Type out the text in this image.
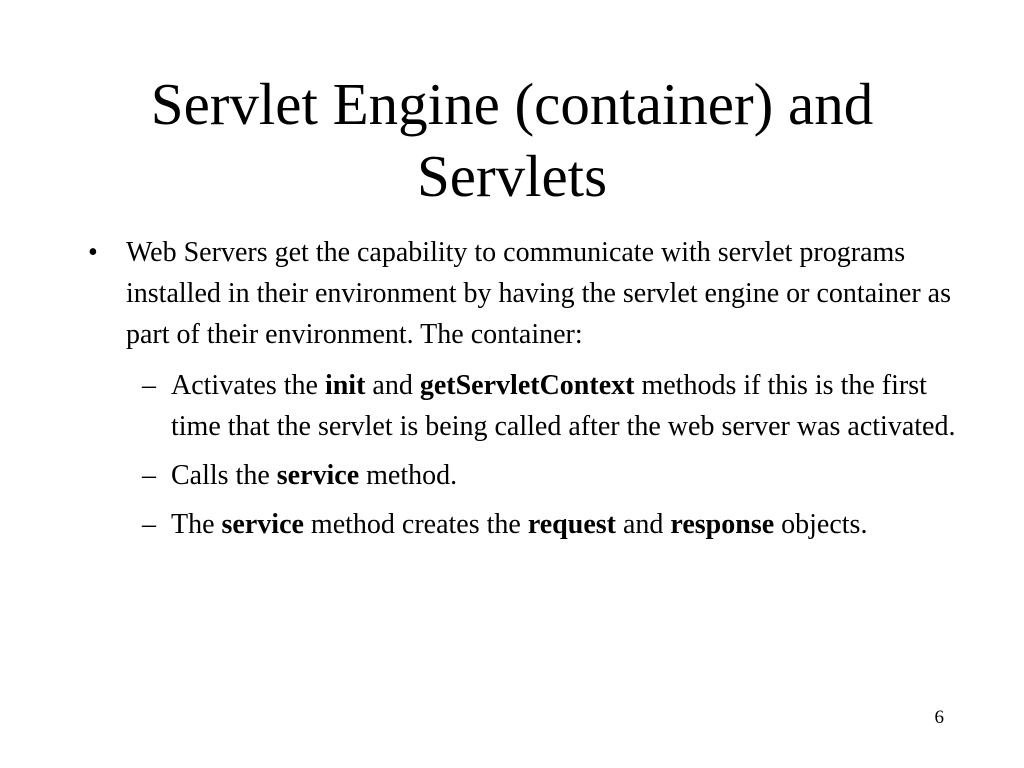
Servlet Engine (container) and Servlets
• Web Servers get the capability to communicate with servlet programs installed in their environment by having the servlet engine or container as part of their environment. The container:
– Activates the init and getServletContext methods if this is the first time that the servlet is being called after the web server was activated.
– Calls the service method.
– The service method creates the request and response objects.
6
